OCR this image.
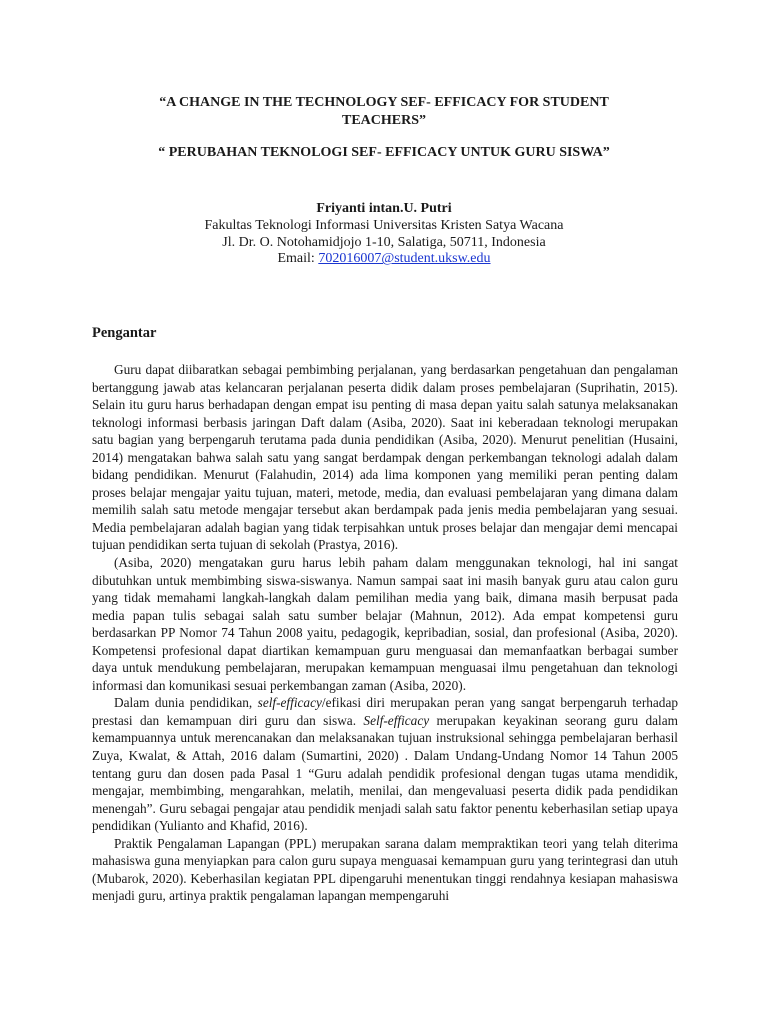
“A CHANGE IN THE TECHNOLOGY SEF- EFFICACY FOR STUDENT
TEACHERS”
“ PERUBAHAN TEKNOLOGI SEF- EFFICACY UNTUK GURU SISWA”
Friyanti intan.U. Putri
Fakultas Teknologi Informasi Universitas Kristen Satya Wacana
Jl. Dr. O. Notohamidjojo 1-10, Salatiga, 50711, Indonesia
Email: 702016007@student.uksw.edu
Pengantar

Guru dapat diibaratkan sebagai pembimbing perjalanan, yang berdasarkan pengetahuan dan pengalaman bertanggung jawab atas kelancaran perjalanan peserta didik dalam proses pembelajaran (Suprihatin, 2015). Selain itu guru harus berhadapan dengan empat isu penting di masa depan yaitu salah satunya melaksanakan teknologi informasi berbasis jaringan Daft dalam (Asiba, 2020). Saat ini keberadaan teknologi merupakan satu bagian yang berpengaruh terutama pada dunia pendidikan (Asiba, 2020). Menurut penelitian (Husaini, 2014) mengatakan bahwa salah satu yang sangat berdampak dengan perkembangan teknologi adalah dalam bidang pendidikan. Menurut (Falahudin, 2014) ada lima komponen yang memiliki peran penting dalam proses belajar mengajar yaitu tujuan, materi, metode, media, dan evaluasi pembelajaran yang dimana dalam memilih salah satu metode mengajar tersebut akan berdampak pada jenis media pembelajaran yang sesuai. Media pembelajaran adalah bagian yang tidak terpisahkan untuk proses belajar dan mengajar demi mencapai tujuan pendidikan serta tujuan di sekolah (Prastya, 2016).

(Asiba, 2020) mengatakan guru harus lebih paham dalam menggunakan teknologi, hal ini sangat dibutuhkan untuk membimbing siswa-siswanya. Namun sampai saat ini masih banyak guru atau calon guru yang tidak memahami langkah-langkah dalam pemilihan media yang baik, dimana masih berpusat pada media papan tulis sebagai salah satu sumber belajar (Mahnun, 2012). Ada empat kompetensi guru berdasarkan PP Nomor 74 Tahun 2008 yaitu, pedagogik, kepribadian, sosial, dan profesional (Asiba, 2020). Kompetensi profesional dapat diartikan kemampuan guru menguasai dan memanfaatkan berbagai sumber daya untuk mendukung pembelajaran, merupakan kemampuan menguasai ilmu pengetahuan dan teknologi informasi dan komunikasi sesuai perkembangan zaman (Asiba, 2020).

Dalam dunia pendidikan, self-efficacy/efikasi diri merupakan peran yang sangat berpengaruh terhadap prestasi dan kemampuan diri guru dan siswa. Self-efficacy merupakan keyakinan seorang guru dalam kemampuannya untuk merencanakan dan melaksanakan tujuan instruksional sehingga pembelajaran berhasil Zuya, Kwalat, & Attah, 2016 dalam (Sumartini, 2020) . Dalam Undang-Undang Nomor 14 Tahun 2005 tentang guru dan dosen pada Pasal 1 “Guru adalah pendidik profesional dengan tugas utama mendidik, mengajar, membimbing, mengarahkan, melatih, menilai, dan mengevaluasi peserta didik pada pendidikan menengah”. Guru sebagai pengajar atau pendidik menjadi salah satu faktor penentu keberhasilan setiap upaya pendidikan (Yulianto and Khafid, 2016).

Praktik Pengalaman Lapangan (PPL) merupakan sarana dalam mempraktikan teori yang telah diterima mahasiswa guna menyiapkan para calon guru supaya menguasai kemampuan guru yang terintegrasi dan utuh (Mubarok, 2020). Keberhasilan kegiatan PPL dipengaruhi menentukan tinggi rendahnya kesiapan mahasiswa menjadi guru, artinya praktik pengalaman lapangan mempengaruhi
